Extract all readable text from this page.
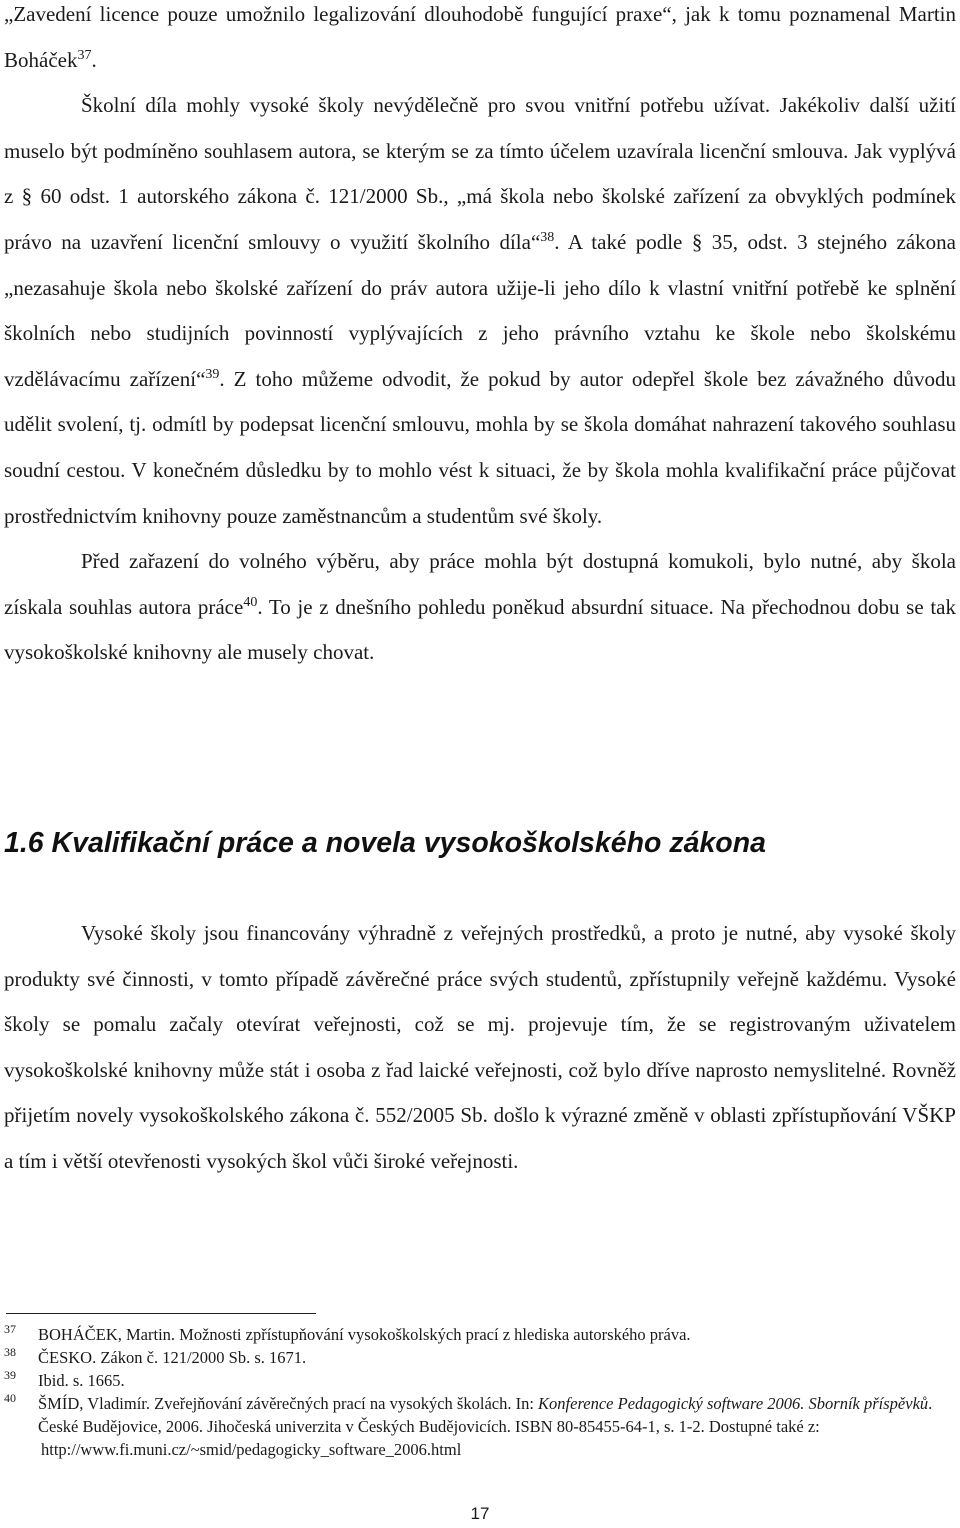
„Zavedení licence pouze umožnilo legalizování dlouhodobě fungující praxe“, jak k tomu poznamenal Martin Boháček$^{37}$.

Školní díla mohly vysoké školy nevýdělečně pro svou vnitřní potřebu užívat. Jakékoliv další užití muselo být podmíněno souhlasem autora, se kterým se za tímto účelem uzavírala licenční smlouva. Jak vyplývá z § 60 odst. 1 autorského zákona č. 121/2000 Sb., „má škola nebo školské zařízení za obvyklých podmínek právo na uzavření licenční smlouvy o využití školního díla“$^{38}$. A také podle § 35, odst. 3 stejného zákona „nezasahuje škola nebo školské zařízení do práv autora užije-li jeho dílo k vlastní vnitřní potřebě ke splnění školních nebo studijních povinností vyplývajících z jeho právního vztahu ke škole nebo školskému vzdělávacímu zařízení“$^{39}$. Z toho můžeme odvodit, že pokud by autor odepřel škole bez závažného důvodu udělit svolení, tj. odmítl by podepsat licenční smlouvu, mohla by se škola domáhat nahrazení takového souhlasu soudní cestou. V konečném důsledku by to mohlo vést k situaci, že by škola mohla kvalifikační práce půjčovat prostřednictvím knihovny pouze zaměstnancům a studentům své školy.

Před zařazení do volného výběru, aby práce mohla být dostupná komukoli, bylo nutné, aby škola získala souhlas autora práce$^{40}$. To je z dnešního pohledu poněkud absurdní situace. Na přechodnou dobu se tak vysokoškolské knihovny ale musely chovat.

1.6 Kvalifikační práce a novela vysokoškolského zákona

Vysoké školy jsou financovány výhradně z veřejných prostředků, a proto je nutné, aby vysoké školy produkty své činnosti, v tomto případě závěrečné práce svých studentů, zpřístupnily veřejně každému. Vysoké školy se pomalu začaly otevírat veřejnosti, což se mj. projevuje tím, že se registrovaným uživatelem vysokoškolské knihovny může stát i osoba z řad laické veřejnosti, což bylo dříve naprosto nemyslitelné. Rovněž přijetím novely vysokoškolského zákona č. 552/2005 Sb. došlo k výrazné změně v oblasti zpřístupňování VŠKP a tím i větší otevřenosti vysokých škol vůči široké veřejnosti.

37 BOHÁČEK, Martin. Možnosti zpřístupňování vysokoškolských prací z hlediska autorského práva.
38 ČESKO. Zákon č. 121/2000 Sb. s. 1671.
39 Ibid. s. 1665.
40 ŠMÍD, Vladimír. Zveřejňování závěrečných prací na vysokých školách. In: Konference Pedagogický software 2006. Sborník příspěvků. České Budějovice, 2006. Jihočeská univerzita v Českých Budějovicích. ISBN 80-85455-64-1, s. 1-2. Dostupné také z:
http://www.fi.muni.cz/~smid/pedagogicky_software_2006.html
17
